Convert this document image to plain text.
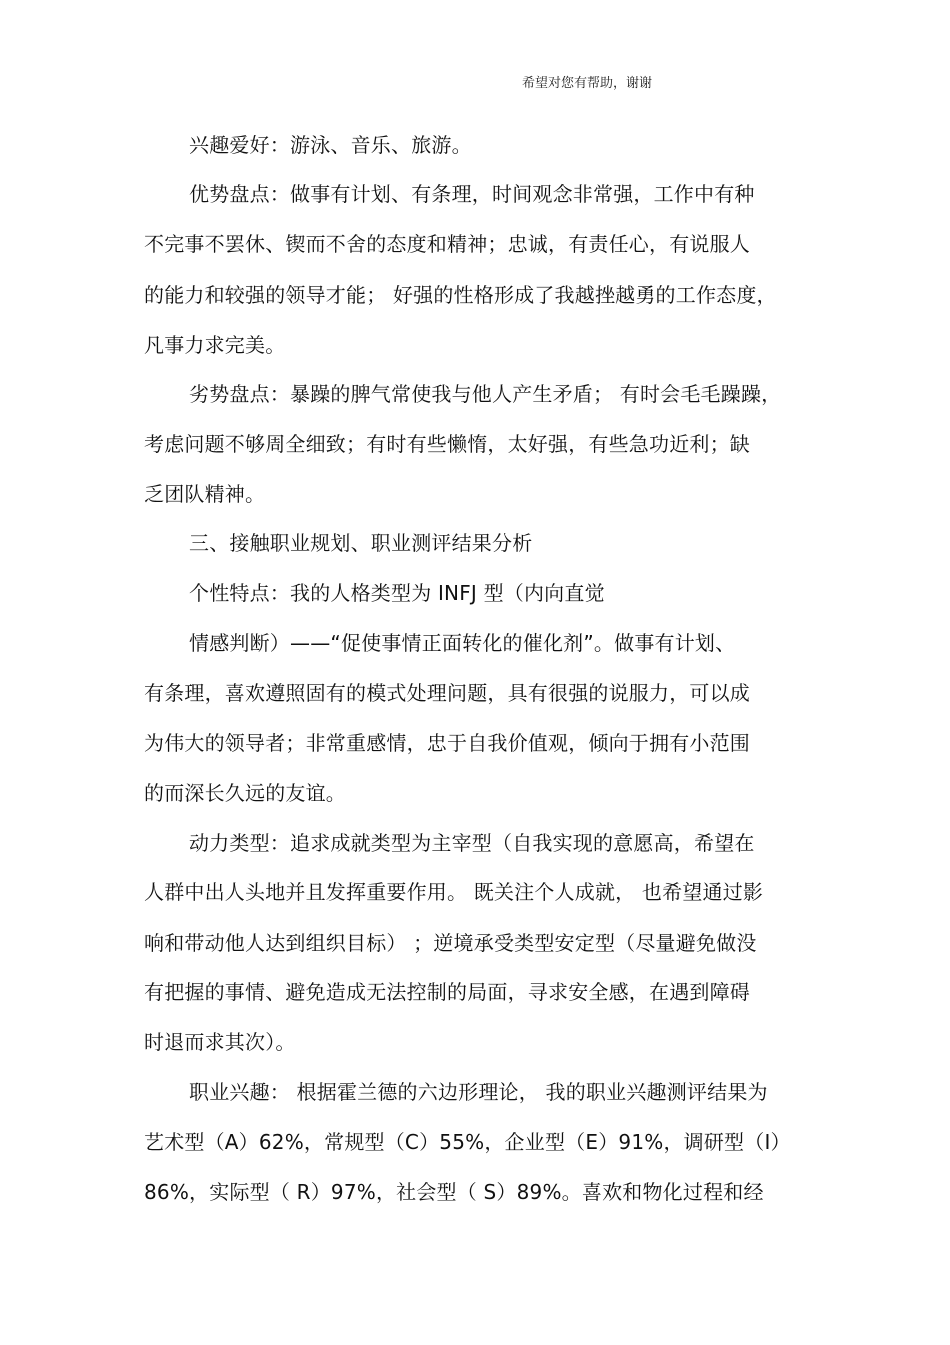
希望对您有帮助，谢谢
兴趣爱好：游泳、音乐、旅游。
优势盘点：做事有计划、有条理，时间观念非常强，工作中有种
不完事不罢休、锲而不舍的态度和精神；忠诚，有责任心，有说服人
的能力和较强的领导才能； 好强的性格形成了我越挫越勇的工作态度，
凡事力求完美。
劣势盘点：暴躁的脾气常使我与他人产生矛盾； 有时会毛毛躁躁，
考虑问题不够周全细致；有时有些懒惰，太好强，有些急功近利；缺
乏团队精神。
三、接触职业规划、职业测评结果分析
个性特点：我的人格类型为 INFJ 型（内向直觉
情感判断）——“促使事情正面转化的催化剂”。做事有计划、
有条理，喜欢遵照固有的模式处理问题，具有很强的说服力，可以成
为伟大的领导者；非常重感情，忠于自我价值观，倾向于拥有小范围
的而深长久远的友谊。
动力类型：追求成就类型为主宰型（自我实现的意愿高，希望在
人群中出人头地并且发挥重要作用。 既关注个人成就， 也希望通过影
响和带动他人达到组织目标） ；逆境承受类型安定型（尽量避免做没
有把握的事情、避免造成无法控制的局面，寻求安全感，在遇到障碍
时退而求其次）。
职业兴趣： 根据霍兰德的六边形理论， 我的职业兴趣测评结果为
艺术型（A）62%，常规型（C）55%，企业型（E）91%，调研型（I）
86%，实际型（ R）97%，社会型（ S）89%。喜欢和物化过程和经
